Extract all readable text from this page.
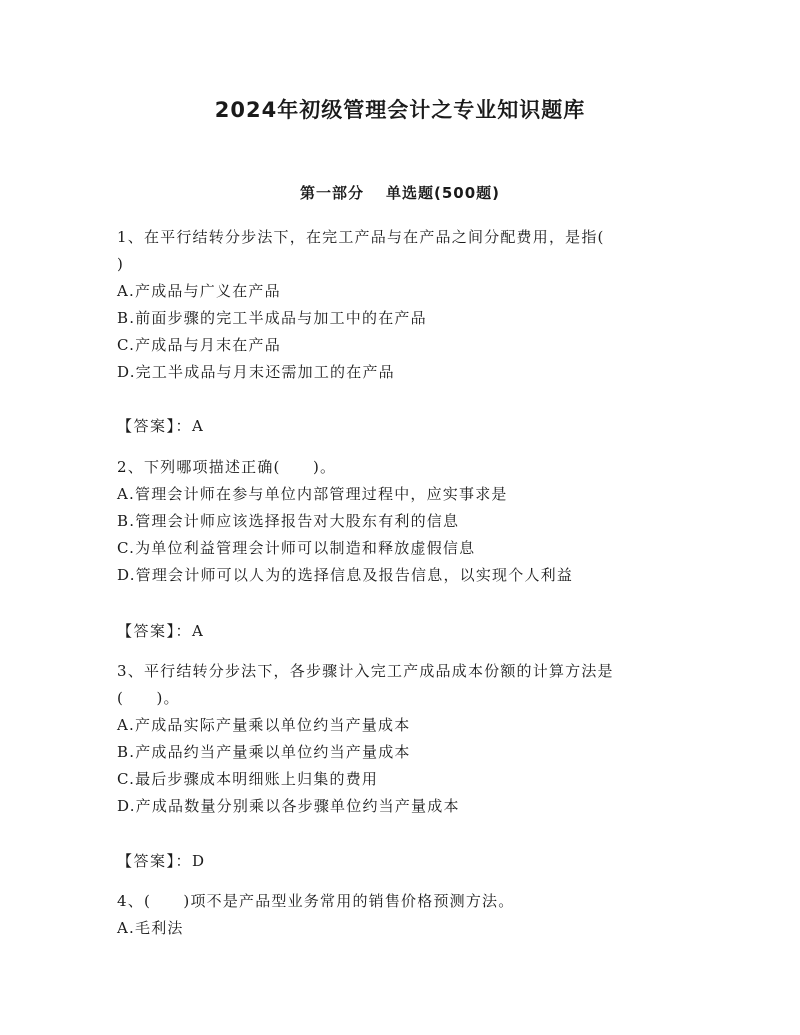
2024年初级管理会计之专业知识题库
第一部分 单选题(500题)
1、在平行结转分步法下，在完工产品与在产品之间分配费用，是指(
)
A.产成品与广义在产品
B.前面步骤的完工半成品与加工中的在产品
C.产成品与月末在产品
D.完工半成品与月末还需加工的在产品
【答案】：A
2、下列哪项描述正确(　　)。
A.管理会计师在参与单位内部管理过程中，应实事求是
B.管理会计师应该选择报告对大股东有利的信息
C.为单位利益管理会计师可以制造和释放虚假信息
D.管理会计师可以人为的选择信息及报告信息，以实现个人利益
【答案】：A
3、平行结转分步法下，各步骤计入完工产成品成本份额的计算方法是
(　　)。
A.产成品实际产量乘以单位约当产量成本
B.产成品约当产量乘以单位约当产量成本
C.最后步骤成本明细账上归集的费用
D.产成品数量分别乘以各步骤单位约当产量成本
【答案】：D
4、(　　)项不是产品型业务常用的销售价格预测方法。
A.毛利法
